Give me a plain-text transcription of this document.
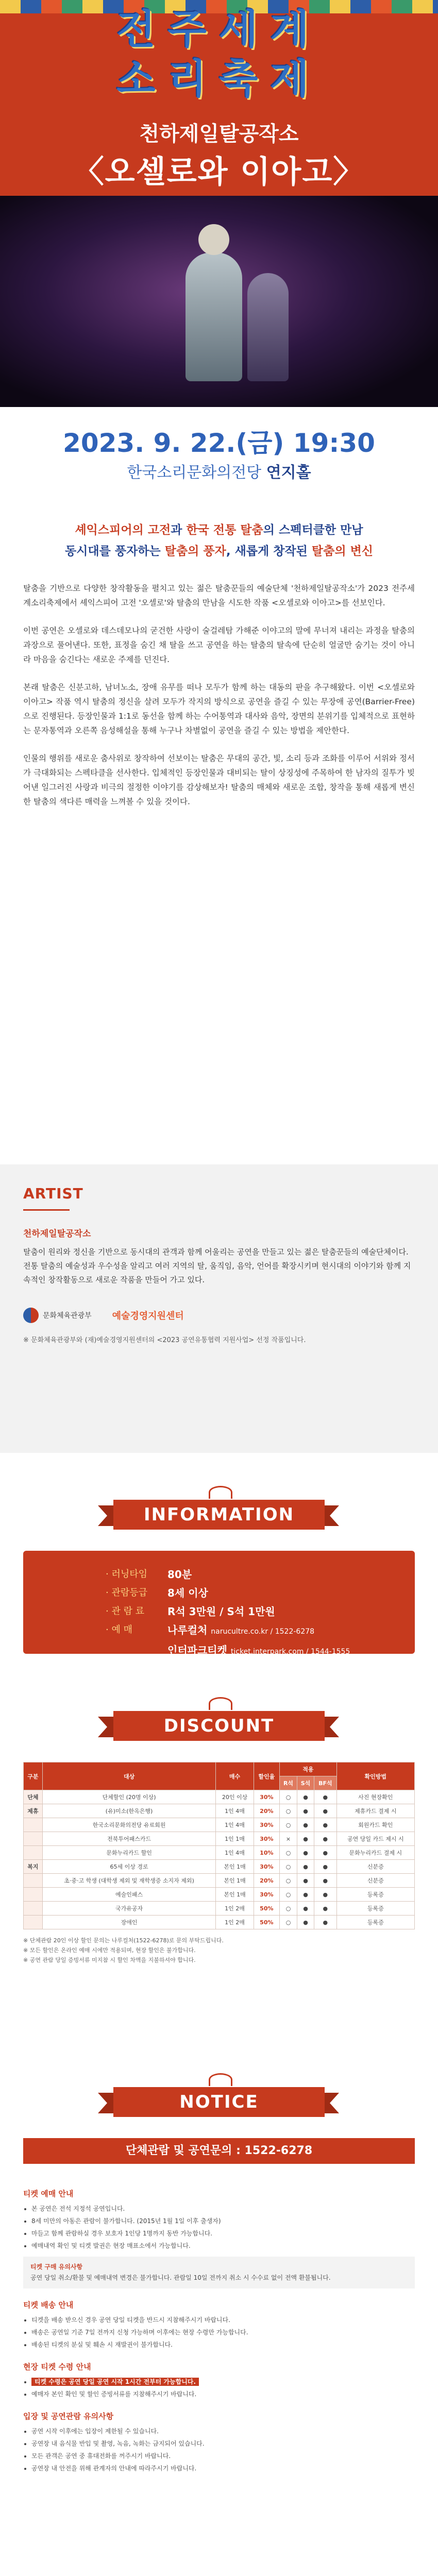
전주세계
소리축제
천하제일탈공작소
〈오셀로와 이아고〉
2023. 9. 22.(금) 19:30
한국소리문화의전당 연지홀
셰익스피어의 고전과 한국 전통 탈춤의 스펙터클한 만남
동시대를 풍자하는 탈춤의 풍자, 새롭게 창작된 탈춤의 변신

탈춤을 기반으로 다양한 창작활동을 펼치고 있는 젊은 탈춤꾼들의 예술단체 '천하제일탈공작소'가 2023 전주세계소리축제에서 셰익스피어 고전 '오셀로'와 탈춤의 만남을 시도한 작품 <오셀로와 이아고>를 선보인다.

이번 공연은 오셀로와 데스데모나의 굳건한 사랑이 술걸레탐 가해준 이야고의 말에 무너져 내리는 과정을 탈춤의 과장으로 풀어낸다. 또한, 표정을 숨긴 채 탈을 쓰고 공연을 하는 탈춤의 탈속에 단순히 얼굴만 숨기는 것이 아니라 마음을 숨긴다는 새로운 주제를 던진다.

본래 탈춤은 신분고하, 남녀노소, 장애 유무를 떠나 모두가 함께 하는 대동의 판을 추구해왔다. 이번 <오셀로와 이아고> 작품 역시 탈춤의 정신을 살려 모두가 작지의 방식으로 공연을 즐길 수 있는 무장애 공연(Barrier-Free)으로 진행된다. 등장인물과 1:1로 동선을 함께 하는 수어통역과 대사와 음악, 장면의 분위기를 입체적으로 표현하는 문자통역과 오른쪽 음성해설을 통해 누구나 차별없이 공연을 즐길 수 있는 방법을 제안한다.

인물의 행위를 새로운 춤사위로 창작하여 선보이는 탈춤은 무대의 공간, 빛, 소리 등과 조화를 이루어 서위와 정서가 극대화되는 스펙타클을 선사한다. 입체적인 등장인물과 대비되는 탈이 상징성에 주목하여 한 남자의 질투가 빚어낸 일그러진 사랑과 비극의 절정한 이야기를 감상해보자! 탈춤의 매체와 새로운 조합, 창작을 통해 새롭게 변신한 탈춤의 색다른 매력을 느껴볼 수 있을 것이다.

ARTIST
천하제일탈공작소
탈춤이 원리와 정신을 기반으로 동시대의 관객과 함께 어울리는 공연을 만들고 있는 젊은 탈춤꾼들의 예술단체이다. 전통 탈춤의 예술성과 우수성을 알리고 여러 지역의 탈, 움직임, 음악, 언어를 확장시키며 현시대의 이야기와 함께 지속적인 창작활동으로 새로운 작품을 만들어 가고 있다.
문화체육관광부 예술경영지원센터
※ 문화체육관광부와 (재)예술경영지원센터의 <2023 공연유통협력 지원사업> 선정 작품입니다.
INFORMATION
· 러닝타임	80분
· 관람등급	8세 이상
· 관 람 료	R석 3만원 / S석 1만원
· 예 매	나루컬처 narucultre.co.kr / 1522-6278
인터파크티켓 ticket.interpark.com / 1544-1555
DISCOUNT
구분	대상	매수	할인율	적용			확인방법
				R석	S석	BF석	
단체	단체할인 (20명 이상)	20인 이상	30%	○	●	●	사진 현장확인
제휴	(유)미소(한옥은행)	1인 4매	20%	○	●	●	제휴카드 결제 시
	한국소리문화의전당 유료회원	1인 4매	30%	○	●	●	회원카드 확인
	전북투어패스카드	1인 1매	30%	×	●	●	공연 당일 카드 제시 시
	문화누리카드 할인	1인 4매	10%	○	●	●	문화누리카드 결제 시
복지	65세 이상 경로	본인 1매	30%	○	●	●	신분증
	초·중·고 학생 (대학생 제외 및 재학생증 소지자 제외)	본인 1매	20%	○	●	●	신분증
	예술인패스	본인 1매	30%	○	●	●	등록증
	국가유공자	1인 2매	50%	○	●	●	등록증
	장애인	1인 2매	50%	○	●	●	등록증
※ 단체관람 20인 이상 할인 문의는 나루컬처(1522-6278)로 문의 부탁드립니다.
※ 모든 할인은 온라인 예매 시에만 적용되며, 현장 할인은 불가합니다.
※ 공연 관람 당일 증빙서류 미지참 시 할인 차액을 지불하셔야 합니다.
NOTICE
단체관람 및 공연문의 : 1522-6278
티켓 예매 안내
• 본 공연은 전석 지정석 공연입니다.
• 8세 미만의 아동은 관람이 불가합니다. (2015년 1월 1일 이후 출생자)
• 마들고 함께 관람하실 경우 보호자 1인당 1명까지 동반 가능합니다.
• 예매내역 확인 및 티켓 발권은 현장 매표소에서 가능합니다.
티켓 구매 유의사항
공연 당일 취소/환불 및 예매내역 변경은 불가합니다. 관람일 10일 전까지 취소 시 수수료 없이 전액 환불됩니다.
티켓 배송 안내
• 티켓을 배송 받으신 경우 공연 당일 티켓을 반드시 지참해주시기 바랍니다.
• 배송은 공연일 기준 7일 전까지 신청 가능하며 이후에는 현장 수령만 가능합니다.
• 배송된 티켓의 분실 및 훼손 시 재발권이 불가합니다.
현장 티켓 수령 안내
• 티켓 수령은 공연 당일 공연 시작 1시간 전부터 가능합니다.
• 예매자 본인 확인 및 할인 증빙서류를 지참해주시기 바랍니다.
입장 및 공연관람 유의사항
• 공연 시작 이후에는 입장이 제한될 수 있습니다.
• 공연장 내 음식물 반입 및 촬영, 녹음, 녹화는 금지되어 있습니다.
• 모든 관객은 공연 중 휴대전화를 꺼주시기 바랍니다.
• 공연장 내 안전을 위해 관계자의 안내에 따라주시기 바랍니다.
